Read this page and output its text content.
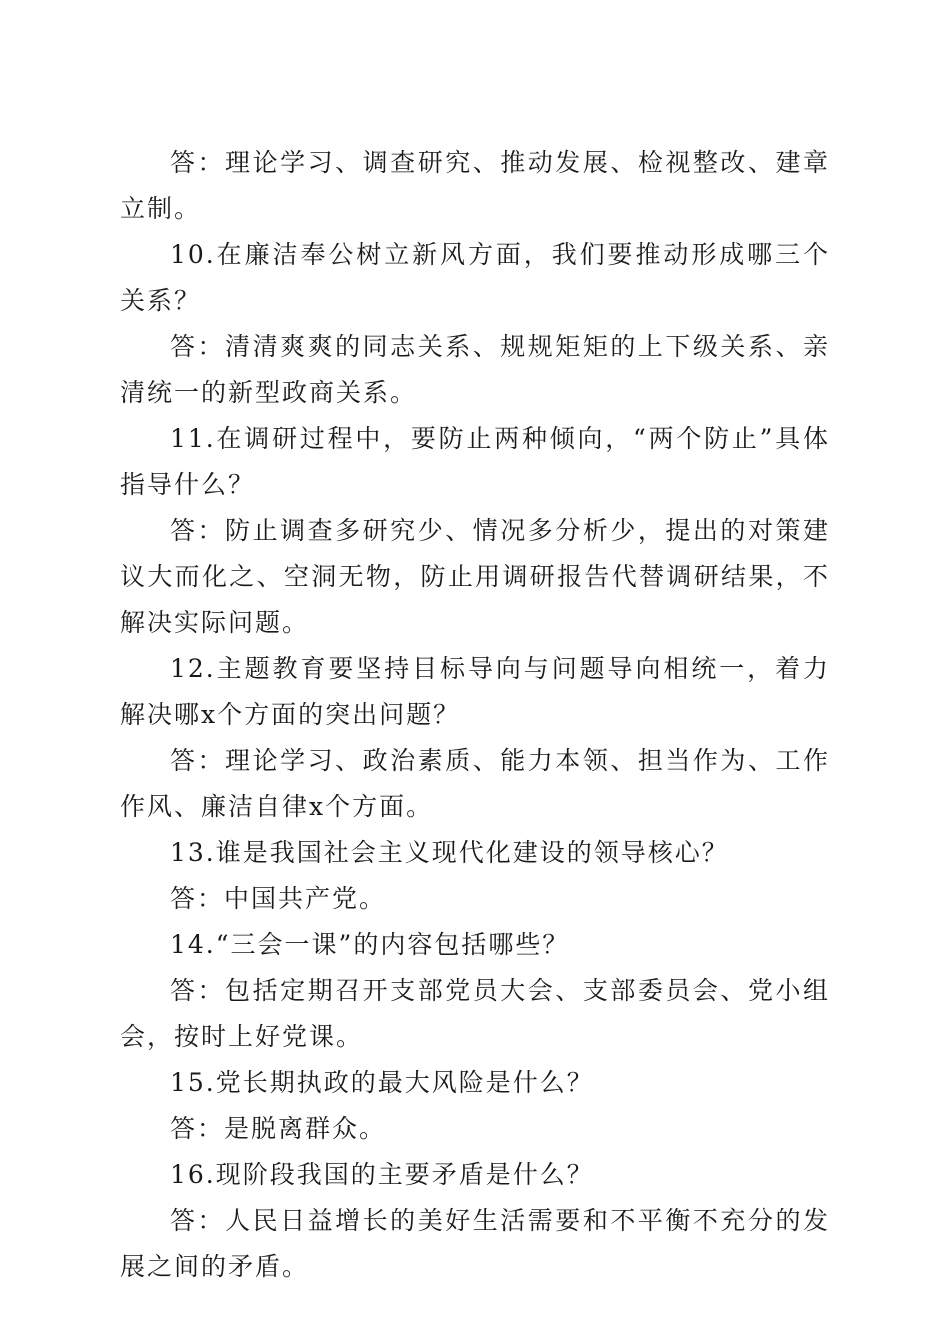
答：理论学习、调查研究、推动发展、检视整改、建章立制。

10.在廉洁奉公树立新风方面，我们要推动形成哪三个关系？

答：清清爽爽的同志关系、规规矩矩的上下级关系、亲清统一的新型政商关系。

11.在调研过程中，要防止两种倾向，“两个防止”具体指导什么？

答：防止调查多研究少、情况多分析少，提出的对策建议大而化之、空洞无物，防止用调研报告代替调研结果，不解决实际问题。

12.主题教育要坚持目标导向与问题导向相统一，着力解决哪x个方面的突出问题？

答：理论学习、政治素质、能力本领、担当作为、工作作风、廉洁自律x个方面。

13.谁是我国社会主义现代化建设的领导核心？

答：中国共产党。

14.“三会一课”的内容包括哪些？

答：包括定期召开支部党员大会、支部委员会、党小组会，按时上好党课。

15.党长期执政的最大风险是什么？

答：是脱离群众。

16.现阶段我国的主要矛盾是什么？

答：人民日益增长的美好生活需要和不平衡不充分的发展之间的矛盾。
